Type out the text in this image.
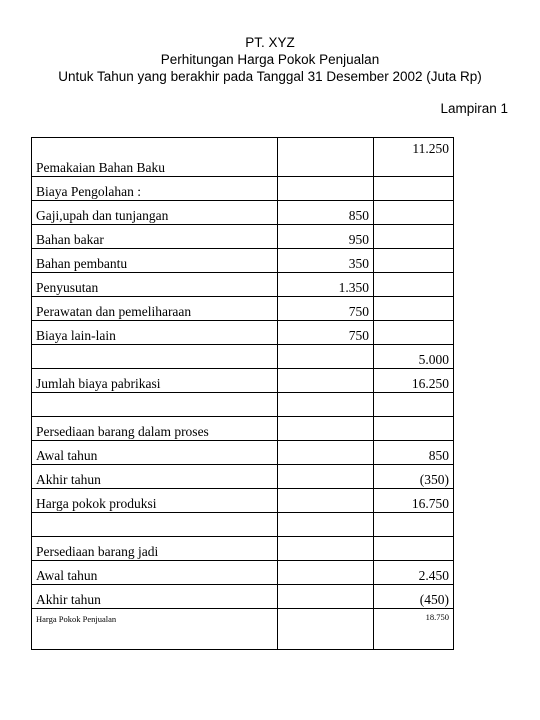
PT. XYZ
Perhitungan Harga Pokok Penjualan
Untuk Tahun yang berakhir pada Tanggal 31 Desember 2002 (Juta Rp)
Lampiran 1
Pemakaian Bahan Baku		11.250
Biaya Pengolahan :		
Gaji,upah dan tunjangan	850	
Bahan bakar	950	
Bahan pembantu	350	
Penyusutan	1.350	
Perawatan dan pemeliharaan	750	
Biaya lain-lain	750	
		5.000
Jumlah biaya pabrikasi		16.250

Persediaan barang dalam proses		
Awal tahun		850
Akhir tahun		(350)
Harga pokok produksi		16.750

Persediaan barang jadi		
Awal tahun		2.450
Akhir tahun		(450)
Harga Pokok Penjualan		18.750
